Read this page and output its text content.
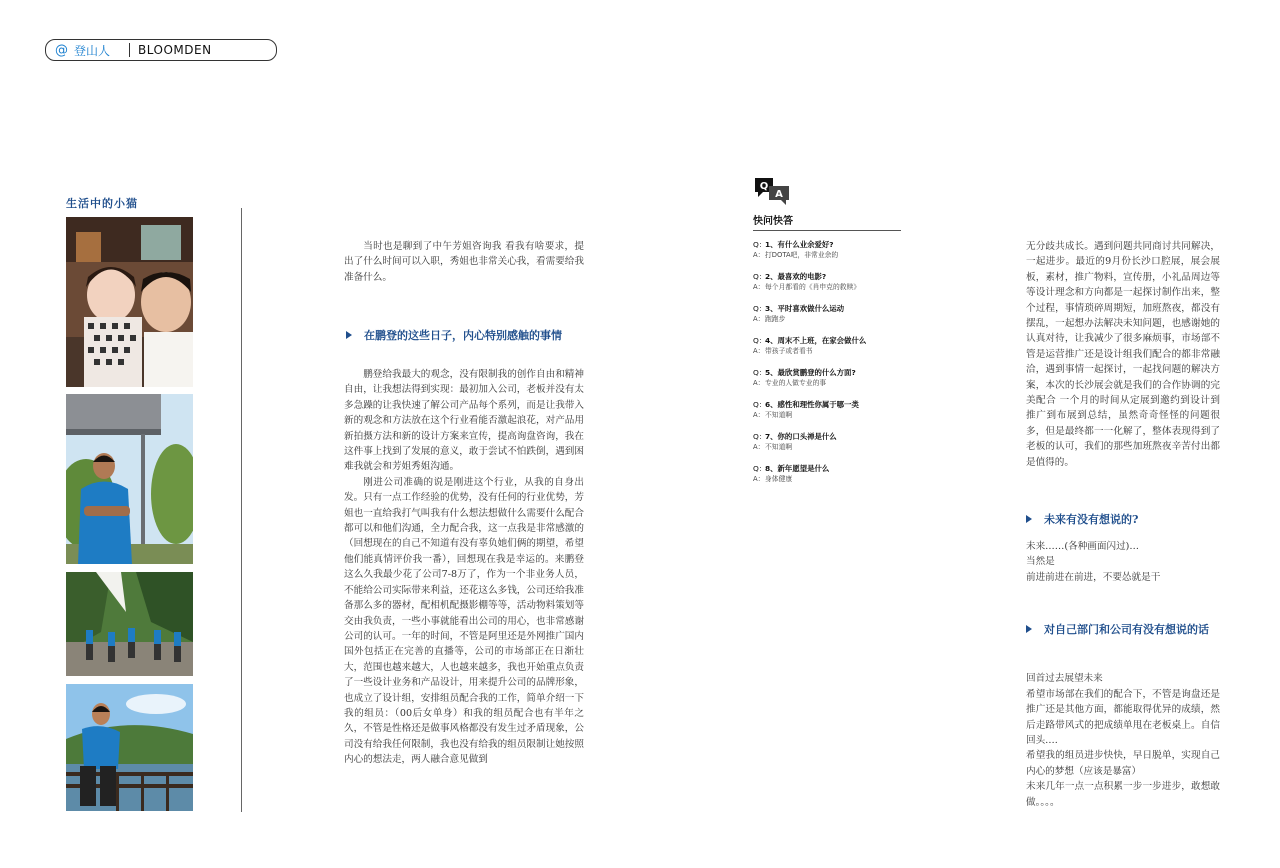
@ 登山人 BLOOMDEN
生活中的小猫

当时也是聊到了中午芳姐咨询我 看我有啥要求，提出了什么时间可以入职，秀姐也非常关心我，看需要给我准备什么。

在鹏登的这些日子，内心特别感触的事情

鹏登给我最大的观念，没有限制我的创作自由和精神自由，让我想法得到实现：最初加入公司，老板并没有太多急躁的让我快速了解公司产品每个系列，而是让我带入新的观念和方法放在这个行业看能否激起浪花，对产品用新拍摄方法和新的设计方案来宣传，提高询盘咨询，我在这件事上找到了发展的意义，敢于尝试不怕跌倒，遇到困难我就会和芳姐秀姐沟通。

刚进公司准确的说是刚进这个行业，从我的自身出发。只有一点工作经验的优势，没有任何的行业优势，芳姐也一直给我打气叫我有什么想法想做什么需要什么配合都可以和他们沟通，全力配合我，这一点我是非常感激的（回想现在的自己不知道有没有辜负她们俩的期望，希望他们能真情评价我一番），回想现在我是幸运的。来鹏登这么久我最少花了公司7-8万了，作为一个非业务人员，不能给公司实际带来利益，还花这么多钱，公司还给我准备那么多的器材，配相机配摄影棚等等，活动物料策划等交由我负责，一些小事就能看出公司的用心，也非常感谢公司的认可。一年的时间，不管是阿里还是外网推广国内国外包括正在完善的直播等，公司的市场部正在日渐壮大，范围也越来越大，人也越来越多，我也开始重点负责了一些设计业务和产品设计，用来提升公司的品牌形象，也成立了设计组，安排组员配合我的工作，简单介绍一下我的组员：（00后女单身）和我的组员配合也有半年之久，不管是性格还是做事风格都没有发生过矛盾现象，公司没有给我任何限制，我也没有给我的组员限制让她按照内心的想法走，两人融合意见做到

Q
A
快问快答
Q：1、有什么业余爱好?
A：打DOTA吧，非常业余的
Q：2、最喜欢的电影?
A：每个月都看的《肖申克的救赎》
Q：3、平时喜欢做什么运动
A：跑跑步
Q：4、周末不上班，在家会做什么
A：带孩子或者看书
Q：5、最欣赏鹏登的什么方面?
A：专业的人做专业的事
Q：6、感性和理性你属于哪一类
A：不知道啊
Q：7、你的口头禅是什么
A：不知道啊
Q：8、新年愿望是什么
A：身体健康

无分歧共成长。遇到问题共同商讨共同解决，一起进步。最近的9月份长沙口腔展，展会展板，素材，推广物料，宣传册，小礼品周边等等设计理念和方向都是一起探讨制作出来，整个过程，事情琐碎周期短，加班熬夜，都没有摆乱，一起想办法解决未知问题，也感谢她的认真对待，让我减少了很多麻烦事，市场部不管是运营推广还是设计组我们配合的都非常融洽，遇到事情一起探讨，一起找问题的解决方案，本次的长沙展会就是我们的合作协调的完美配合 一个月的时间从定展到邀约到设计到推广到布展到总结，虽然奇奇怪怪的问题很多，但是最终都一一化解了，整体表现得到了老板的认可，我们的那些加班熬夜辛苦付出都是值得的。

未来有没有想说的?
未来……(各种画面闪过)…
当然是
前进前进在前进，不要怂就是干
对自己部门和公司有没有想说的话

回首过去展望未来
希望市场部在我们的配合下，不管是询盘还是推广还是其他方面，都能取得优异的成绩，然后走路带风式的把成绩单甩在老板桌上。自信回头….
希望我的组员进步快快，早日脱单，实现自己内心的梦想（应该是暴富）
未来几年一点一点积累一步一步进步，敢想敢做。。。。
